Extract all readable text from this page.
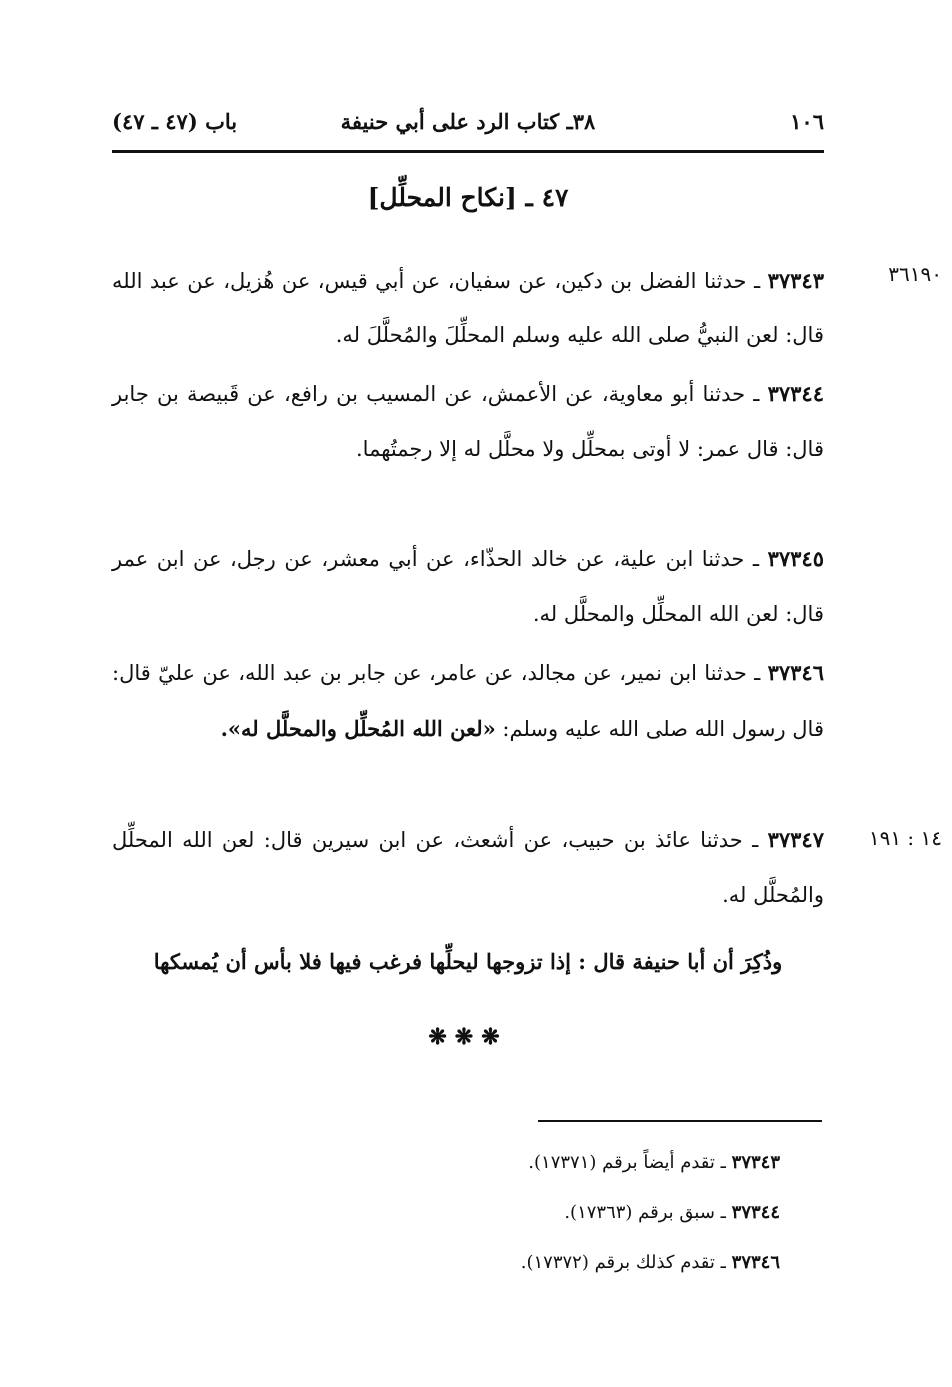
١٠٦
٣٨ـ كتاب الرد على أبي حنيفة
باب (٤٧ ـ ٤٧)
٤٧ ـ [نكاح المحلِّل]
٣٦١٩٠
٣٧٣٤٣ ـ حدثنا الفضل بن دكين، عن سفيان، عن أبي قيس، عن هُزيل، عن عبد الله قال: لعن النبيُّ صلى الله عليه وسلم المحلِّلَ والمُحلَّلَ له.
٣٧٣٤٤ ـ حدثنا أبو معاوية، عن الأعمش، عن المسيب بن رافع، عن قَبيصة بن جابر قال: قال عمر: لا أوتى بمحلِّل ولا محلَّل له إلا رجمتُهما.
٣٧٣٤٥ ـ حدثنا ابن علية، عن خالد الحذّاء، عن أبي معشر، عن رجل، عن ابن عمر قال: لعن الله المحلِّل والمحلَّل له.
٣٧٣٤٦ ـ حدثنا ابن نمير، عن مجالد، عن عامر، عن جابر بن عبد الله، عن عليّ قال: قال رسول الله صلى الله عليه وسلم: «لعن الله المُحلِّل والمحلَّل له».
١٤ : ١٩١
٣٧٣٤٧ ـ حدثنا عائذ بن حبيب، عن أشعث، عن ابن سيرين قال: لعن الله المحلِّل والمُحلَّل له.
وذُكِرَ أن أبا حنيفة قال : إذا تزوجها ليحلِّها فرغب فيها فلا بأس أن يُمسكها
❋❋❋
٣٧٣٤٣ ـ تقدم أيضاً برقم (١٧٣٧١).
٣٧٣٤٤ ـ سبق برقم (١٧٣٦٣).
٣٧٣٤٦ ـ تقدم كذلك برقم (١٧٣٧٢).
